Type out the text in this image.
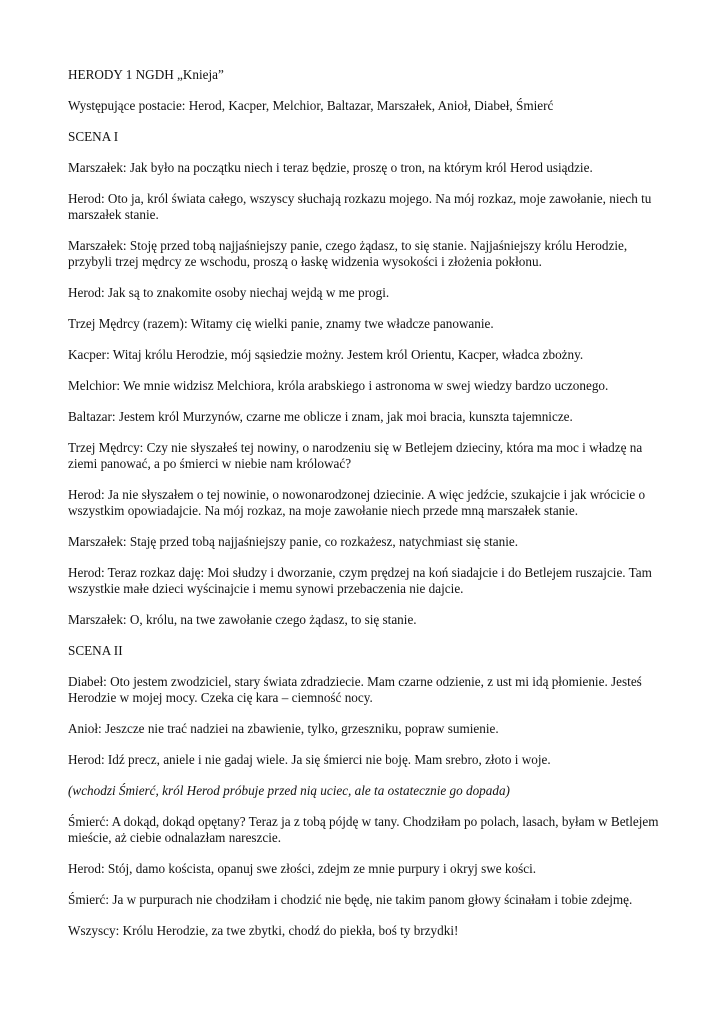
HERODY 1 NGDH „Knieja”

Występujące postacie: Herod, Kacper, Melchior, Baltazar, Marszałek, Anioł, Diabeł, Śmierć

SCENA I

Marszałek: Jak było na początku niech i teraz będzie, proszę o tron, na którym król Herod usiądzie.

Herod: Oto ja, król świata całego, wszyscy słuchają rozkazu mojego. Na mój rozkaz, moje zawołanie, niech tu marszałek stanie.

Marszałek: Stoję przed tobą najjaśniejszy panie, czego żądasz, to się stanie. Najjaśniejszy królu Herodzie, przybyli trzej mędrcy ze wschodu, proszą o łaskę widzenia wysokości i złożenia pokłonu.

Herod: Jak są to znakomite osoby niechaj wejdą w me progi.

Trzej Mędrcy (razem): Witamy cię wielki panie, znamy twe władcze panowanie.

Kacper: Witaj królu Herodzie, mój sąsiedzie możny. Jestem król Orientu, Kacper, władca zbożny.

Melchior: We mnie widzisz Melchiora, króla arabskiego i astronoma w swej wiedzy bardzo uczonego.

Baltazar: Jestem król Murzynów, czarne me oblicze i znam, jak moi bracia, kunszta tajemnicze.

Trzej Mędrcy: Czy nie słyszałeś tej nowiny, o narodzeniu się w Betlejem dzieciny, która ma moc i władzę na ziemi panować, a po śmierci w niebie nam królować?

Herod: Ja nie słyszałem o tej nowinie, o nowonarodzonej dziecinie. A więc jedźcie, szukajcie i jak wrócicie o wszystkim opowiadajcie. Na mój rozkaz, na moje zawołanie niech przede mną marszałek stanie.

Marszałek: Staję przed tobą najjaśniejszy panie, co rozkażesz, natychmiast się stanie.

Herod: Teraz rozkaz daję: Moi słudzy i dworzanie, czym prędzej na koń siadajcie i do Betlejem ruszajcie. Tam wszystkie małe dzieci wyścinajcie i memu synowi przebaczenia nie dajcie.

Marszałek: O, królu, na twe zawołanie czego żądasz, to się stanie.

SCENA II

Diabeł: Oto jestem zwodziciel, stary świata zdradziecie. Mam czarne odzienie, z ust mi idą płomienie. Jesteś Herodzie w mojej mocy. Czeka cię kara – ciemność nocy.

Anioł: Jeszcze nie trać nadziei na zbawienie, tylko, grzeszniku, popraw sumienie.

Herod: Idź precz, aniele i nie gadaj wiele. Ja się śmierci nie boję. Mam srebro, złoto i woje.

(wchodzi Śmierć, król Herod próbuje przed nią uciec, ale ta ostatecznie go dopada)

Śmierć: A dokąd, dokąd opętany? Teraz ja z tobą pójdę w tany. Chodziłam po polach, lasach, byłam w Betlejem mieście, aż ciebie odnalazłam nareszcie.

Herod: Stój, damo koścista, opanuj swe złości, zdejm ze mnie purpury i okryj swe kości.

Śmierć: Ja w purpurach nie chodziłam i chodzić nie będę, nie takim panom głowy ścinałam i tobie zdejmę.

Wszyscy: Królu Herodzie, za twe zbytki, chodź do piekła, boś ty brzydki!
